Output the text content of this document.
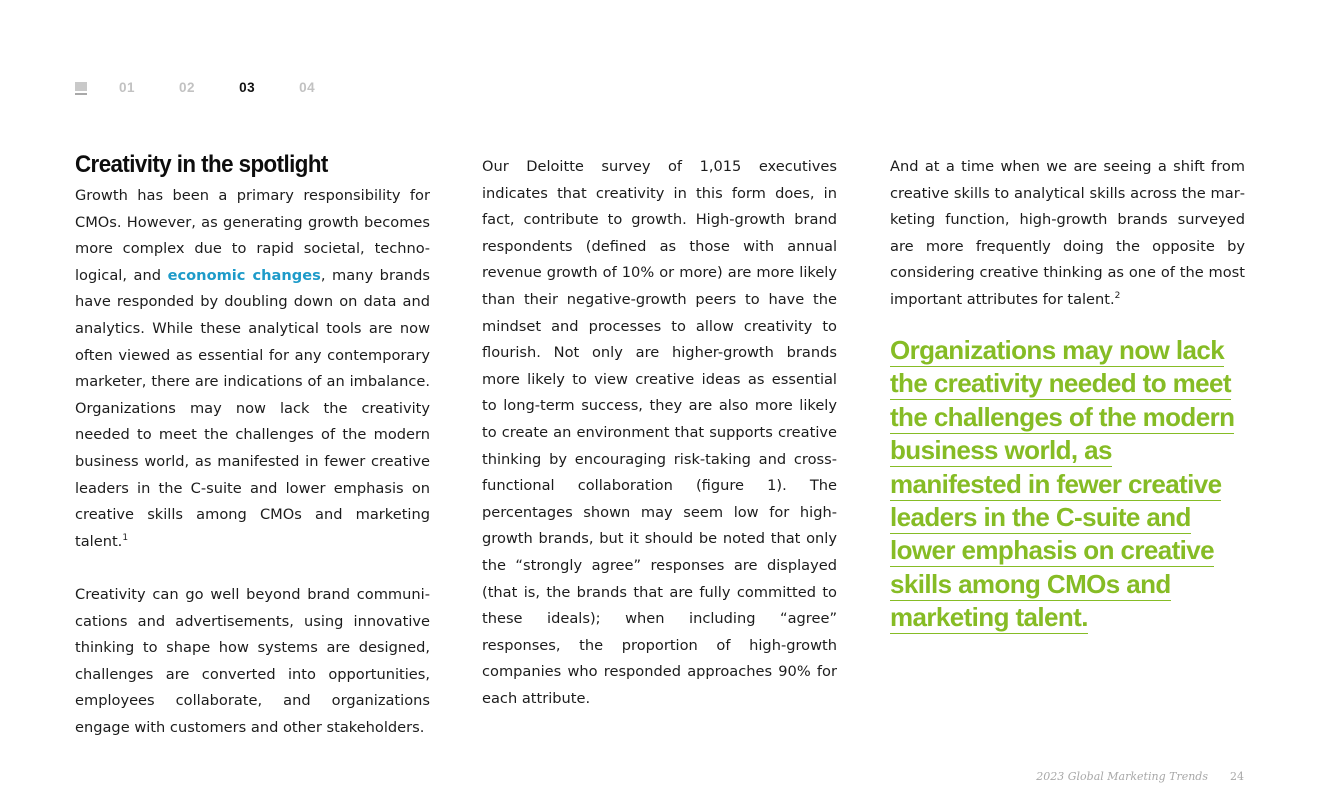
01	02	03	04
Creativity in the spotlight

Growth has been a primary responsibility for CMOs. However, as generating growth becomes more complex due to rapid societal, technological, and economic changes, many brands have responded by doubling down on data and analytics. While these analytical tools are now often viewed as essential for any contemporary marketer, there are indications of an imbalance. Organizations may now lack the creativity needed to meet the challenges of the modern business world, as manifested in fewer creative leaders in the C-suite and lower emphasis on creative skills among CMOs and marketing talent.$^1$

Creativity can go well beyond brand communications and advertisements, using innovative thinking to shape how systems are designed, challenges are converted into opportunities, employees collaborate, and organizations engage with customers and other stakeholders.

Our Deloitte survey of 1,015 executives indicates that creativity in this form does, in fact, contribute to growth. High-growth brand respondents (defined as those with annual revenue growth of 10% or more) are more likely than their negative-growth peers to have the mindset and processes to allow creativity to flourish. Not only are higher-growth brands more likely to view creative ideas as essential to long-term success, they are also more likely to create an environment that supports creative thinking by encouraging risk-taking and cross-functional collaboration (figure 1). The percentages shown may seem low for high-growth brands, but it should be noted that only the “strongly agree” responses are displayed (that is, the brands that are fully committed to these ideals); when including “agree” responses, the proportion of high-growth companies who responded approaches 90% for each attribute.

And at a time when we are seeing a shift from creative skills to analytical skills across the marketing function, high-growth brands surveyed are more frequently doing the opposite by considering creative thinking as one of the most important attributes for talent.$^2$

Organizations may now lack the creativity needed to meet the challenges of the modern business world, as manifested in fewer creative leaders in the C-suite and lower emphasis on creative skills among CMOs and marketing talent.

2023 Global Marketing Trends 24
